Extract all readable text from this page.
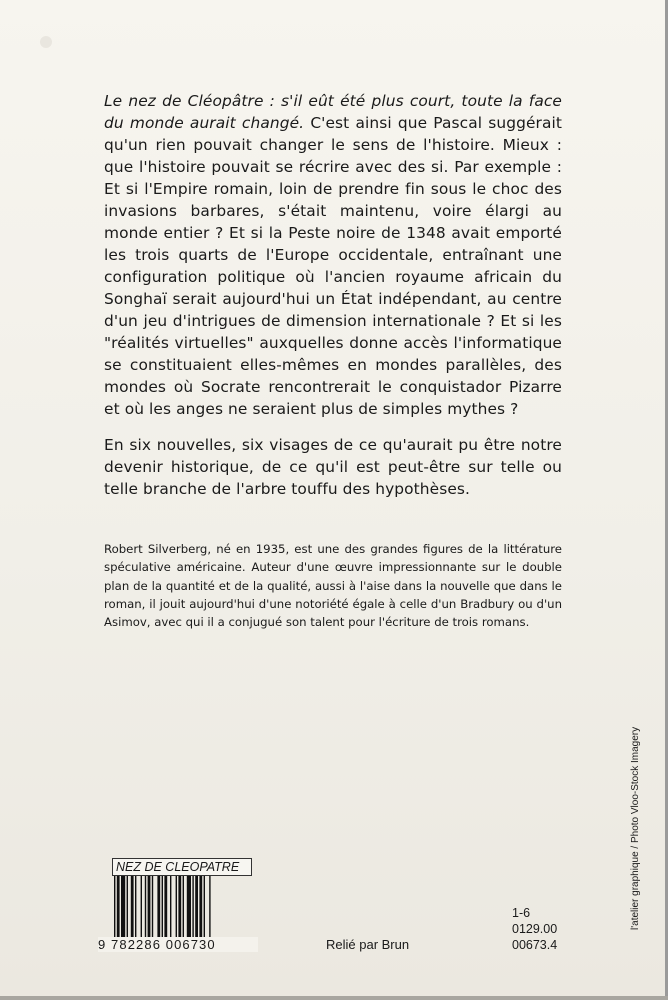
Le nez de Cléopâtre : s'il eût été plus court, toute la face du monde aurait changé. C'est ainsi que Pascal suggérait qu'un rien pouvait changer le sens de l'histoire. Mieux : que l'histoire pouvait se récrire avec des si. Par exemple : Et si l'Empire romain, loin de prendre fin sous le choc des invasions barbares, s'était maintenu, voire élargi au monde entier ? Et si la Peste noire de 1348 avait emporté les trois quarts de l'Europe occidentale, entraînant une configuration politique où l'ancien royaume africain du Songhaï serait aujourd'hui un État indépendant, au centre d'un jeu d'intrigues de dimension internationale ? Et si les "réalités virtuelles" auxquelles donne accès l'informatique se constituaient elles-mêmes en mondes parallèles, des mondes où Socrate rencontrerait le conquistador Pizarre et où les anges ne seraient plus de simples mythes ?

En six nouvelles, six visages de ce qu'aurait pu être notre devenir historique, de ce qu'il est peut-être sur telle ou telle branche de l'arbre touffu des hypothèses.

Robert Silverberg, né en 1935, est une des grandes figures de la littérature spéculative américaine. Auteur d'une œuvre impressionnante sur le double plan de la quantité et de la qualité, aussi à l'aise dans la nouvelle que dans le roman, il jouit aujourd'hui d'une notoriété égale à celle d'un Bradbury ou d'un Asimov, avec qui il a conjugué son talent pour l'écriture de trois romans.

NEZ DE CLEOPATRE
9 782286 006730	Relié par Brun
1-6
0129.00
00673.4
l'atelier graphique / Photo Vloo-Stock Imagery
